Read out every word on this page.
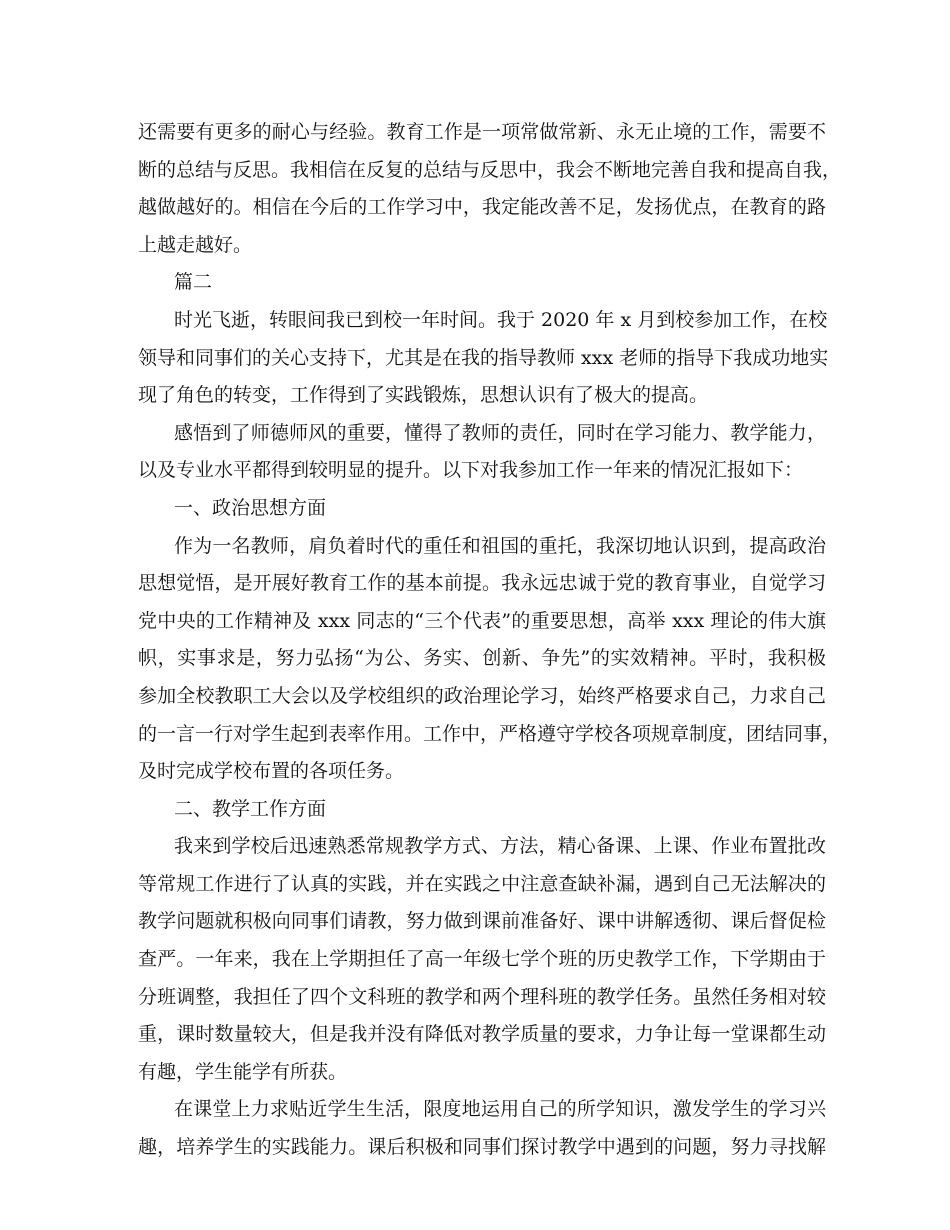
还需要有更多的耐心与经验。教育工作是一项常做常新、永无止境的工作，需要不
断的总结与反思。我相信在反复的总结与反思中，我会不断地完善自我和提高自我，
越做越好的。相信在今后的工作学习中，我定能改善不足，发扬优点，在教育的路
上越走越好。
篇二
时光飞逝，转眼间我已到校一年时间。我于 2020 年 x 月到校参加工作，在校
领导和同事们的关心支持下，尤其是在我的指导教师 xxx 老师的指导下我成功地实
现了角色的转变，工作得到了实践锻炼，思想认识有了极大的提高。
感悟到了师德师风的重要，懂得了教师的责任，同时在学习能力、教学能力，
以及专业水平都得到较明显的提升。以下对我参加工作一年来的情况汇报如下：
一、政治思想方面
作为一名教师，肩负着时代的重任和祖国的重托，我深切地认识到，提高政治
思想觉悟，是开展好教育工作的基本前提。我永远忠诚于党的教育事业，自觉学习
党中央的工作精神及 xxx 同志的“三个代表”的重要思想，高举 xxx 理论的伟大旗
帜，实事求是，努力弘扬“为公、务实、创新、争先”的实效精神。平时，我积极
参加全校教职工大会以及学校组织的政治理论学习，始终严格要求自己，力求自己
的一言一行对学生起到表率作用。工作中，严格遵守学校各项规章制度，团结同事，
及时完成学校布置的各项任务。
二、教学工作方面
我来到学校后迅速熟悉常规教学方式、方法，精心备课、上课、作业布置批改
等常规工作进行了认真的实践，并在实践之中注意查缺补漏，遇到自己无法解决的
教学问题就积极向同事们请教，努力做到课前准备好、课中讲解透彻、课后督促检
查严。一年来，我在上学期担任了高一年级七学个班的历史教学工作，下学期由于
分班调整，我担任了四个文科班的教学和两个理科班的教学任务。虽然任务相对较
重，课时数量较大，但是我并没有降低对教学质量的要求，力争让每一堂课都生动
有趣，学生能学有所获。
在课堂上力求贴近学生生活，限度地运用自己的所学知识，激发学生的学习兴
趣，培养学生的实践能力。课后积极和同事们探讨教学中遇到的问题，努力寻找解
